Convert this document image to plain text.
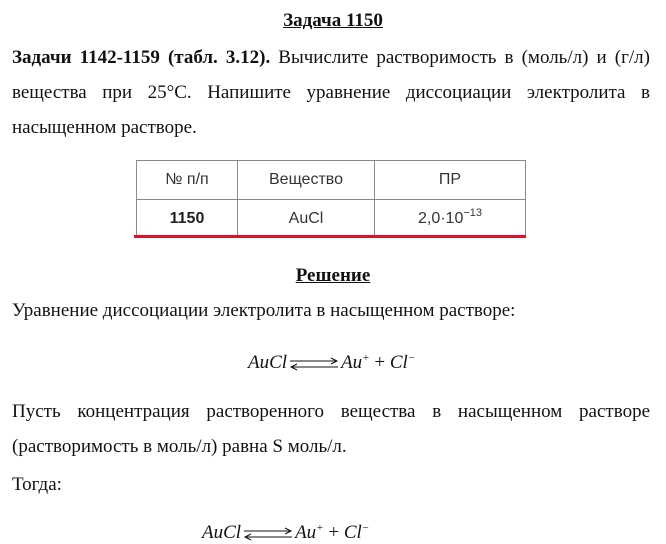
Задача 1150
Задачи 1142-1159 (табл. 3.12). Вычислите растворимость в (моль/л) и (г/л) вещества при 25°С. Напишите уравнение диссоциации электролита в насыщенном растворе.
№ п/п	Вещество	ПР
1150	AuCl	$2,0\cdot 10^{-13}$
Решение
Уравнение диссоциации электролита в насыщенном растворе:
AuCl ⇌ Au+ + Cl−
Пусть концентрация растворенного вещества в насыщенном растворе (растворимость в моль/л) равна S моль/л.
Тогда:
AuCl ⇌ Au+ + Cl−
